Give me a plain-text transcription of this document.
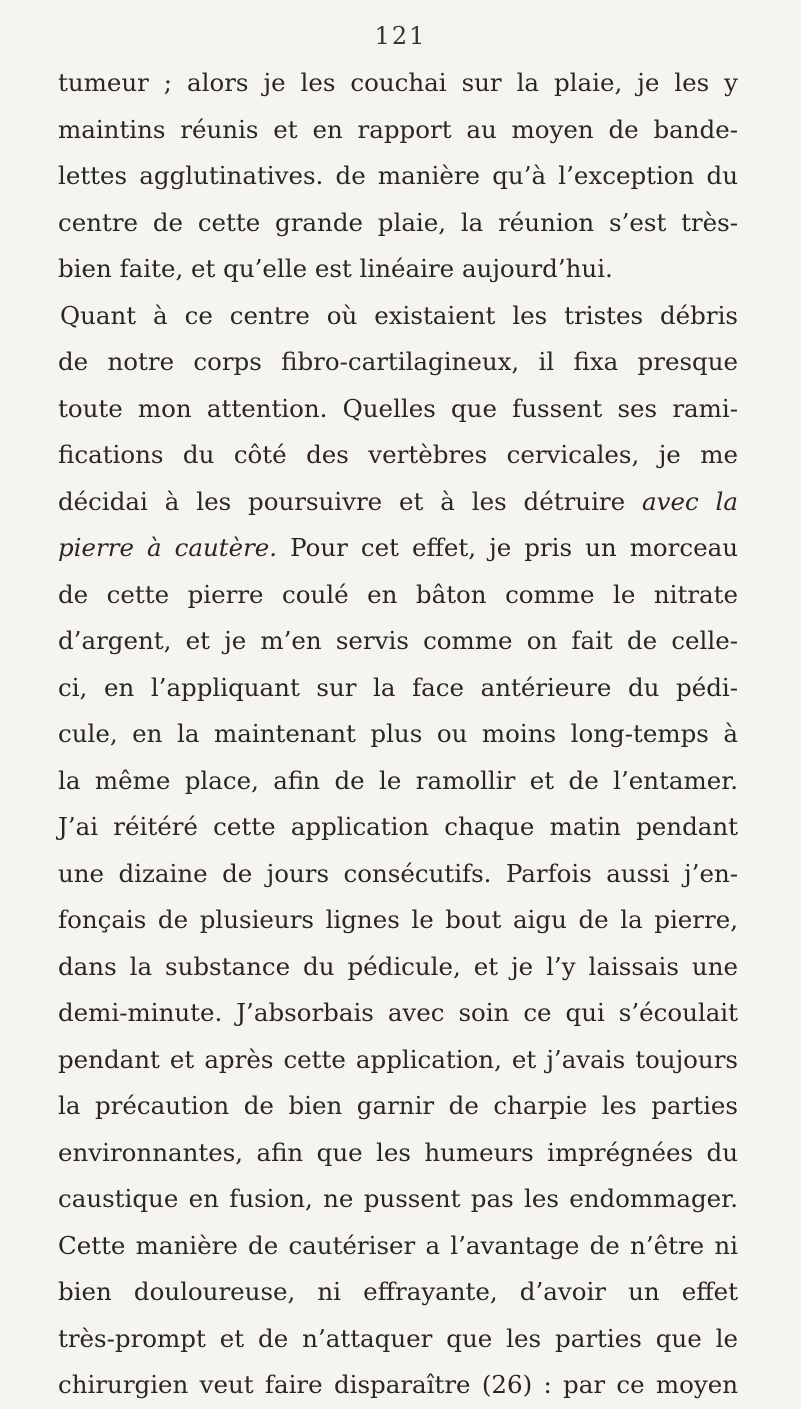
121
tumeur ; alors je les couchai sur la plaie, je les y
maintins réunis et en rapport au moyen de bande-
lettes agglutinatives. de manière qu’à l’exception du
centre de cette grande plaie, la réunion s’est très-
bien faite, et qu’elle est linéaire aujourd’hui.
Quant à ce centre où existaient les tristes débris
de notre corps fibro-cartilagineux, il fixa presque
toute mon attention. Quelles que fussent ses rami-
fications du côté des vertèbres cervicales, je me
décidai à les poursuivre et à les détruire avec la
pierre à cautère. Pour cet effet, je pris un morceau
de cette pierre coulé en bâton comme le nitrate
d’argent, et je m’en servis comme on fait de celle-
ci, en l’appliquant sur la face antérieure du pédi-
cule, en la maintenant plus ou moins long-temps à
la même place, afin de le ramollir et de l’entamer.
J’ai réitéré cette application chaque matin pendant
une dizaine de jours consécutifs. Parfois aussi j’en-
fonçais de plusieurs lignes le bout aigu de la pierre,
dans la substance du pédicule, et je l’y laissais une
demi-minute. J’absorbais avec soin ce qui s’écoulait
pendant et après cette application, et j’avais toujours
la précaution de bien garnir de charpie les parties
environnantes, afin que les humeurs imprégnées du
caustique en fusion, ne pussent pas les endommager.
Cette manière de cautériser a l’avantage de n’être ni
bien douloureuse, ni effrayante, d’avoir un effet
très-prompt et de n’attaquer que les parties que le
chirurgien veut faire disparaître (26) : par ce moyen
